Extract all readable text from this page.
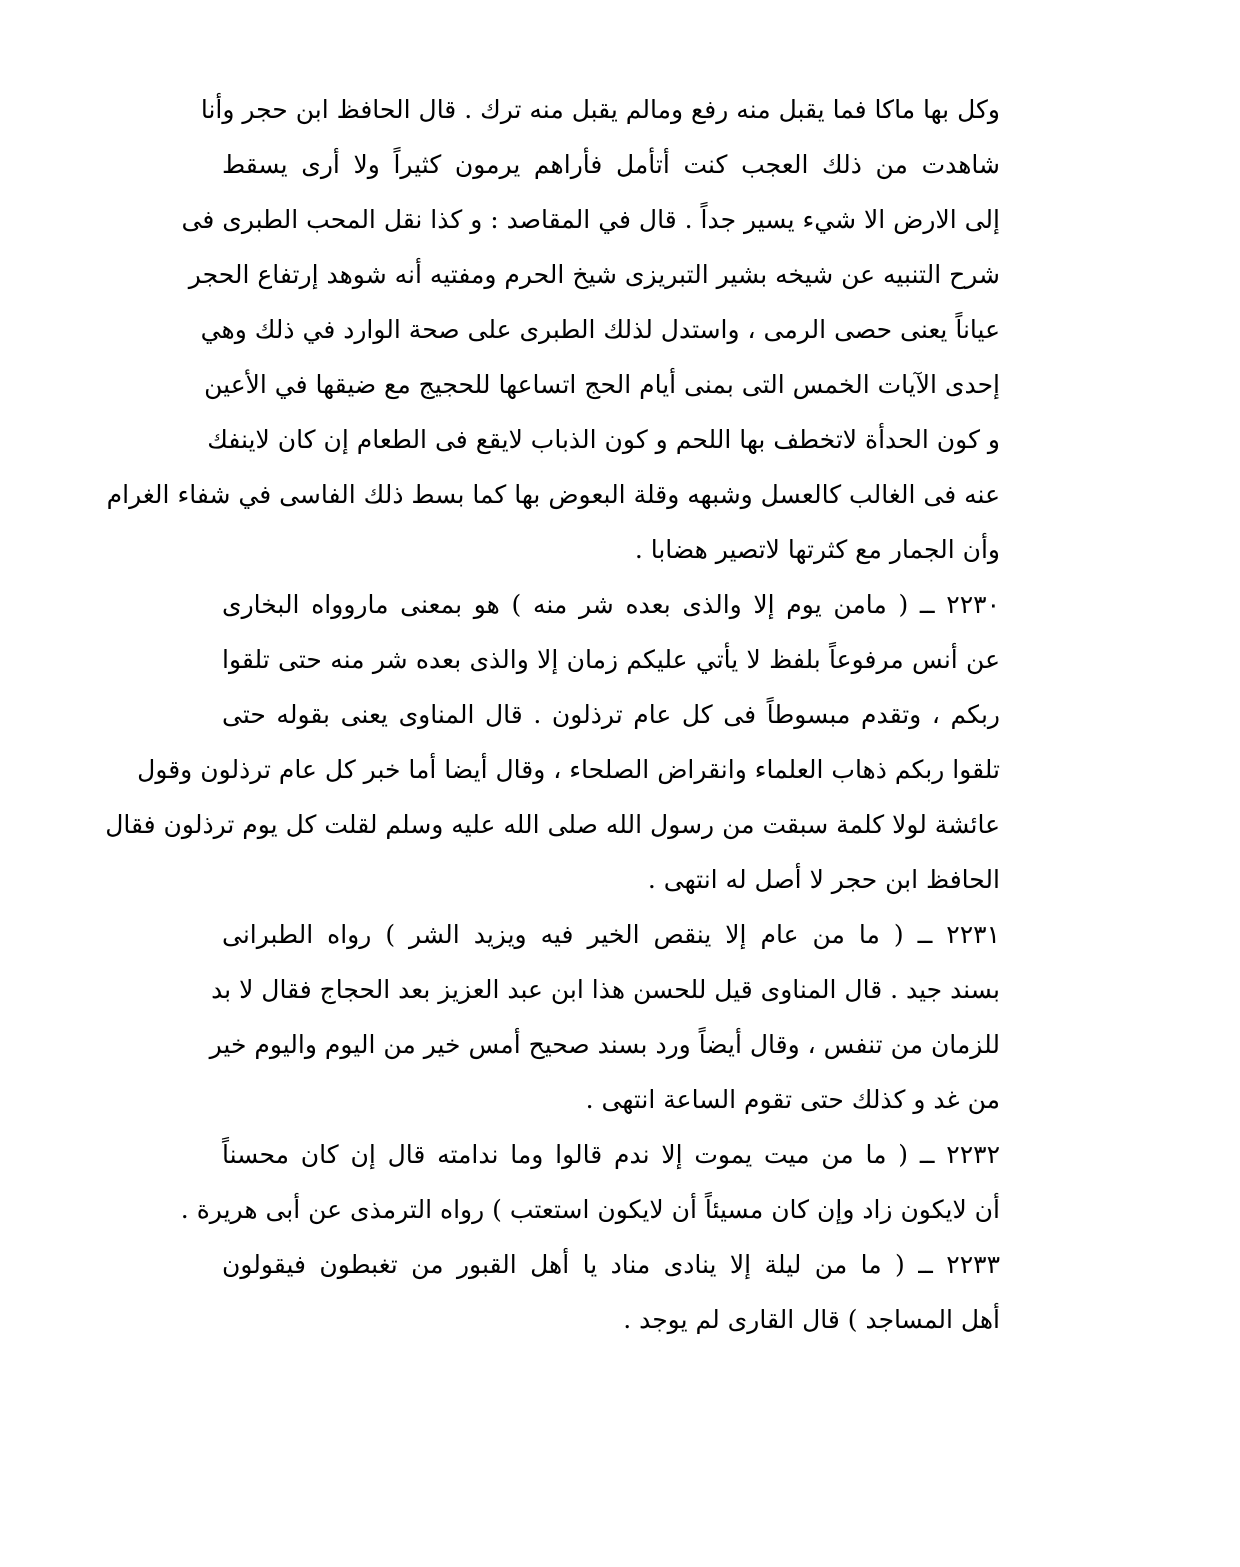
وكل بها ماكا فما يقبل منه رفع ومالم يقبل منه ترك . قال الحافظ ابن حجر وأنا
شاهدت من ذلك العجب كنت أتأمل فأراهم يرمون كثيراً ولا أرى يسقط
إلى الارض الا شيء يسير جداً . قال في المقاصد : و كذا نقل المحب الطبرى فى
شرح التنبيه عن شيخه بشير التبريزى شيخ الحرم ومفتيه أنه شوهد إرتفاع الحجر
عياناً يعنى حصى الرمى ، واستدل لذلك الطبرى على صحة الوارد في ذلك وهي
إحدى الآيات الخمس التى بمنى أيام الحج اتساعها للحجيج مع ضيقها في الأعين
و كون الحدأة لاتخطف بها اللحم و كون الذباب لايقع فى الطعام إن كان لاينفك
عنه فى الغالب كالعسل وشبهه وقلة البعوض بها كما بسط ذلك الفاسى في شفاء الغرام
وأن الجمار مع كثرتها لاتصير هضابا .
٢٢٣٠ ــ ( مامن يوم إلا والذى بعده شر منه ) هو بمعنى ماروواه البخارى
عن أنس مرفوعاً بلفظ لا يأتي عليكم زمان إلا والذى بعده شر منه حتى تلقوا
ربكم ، وتقدم مبسوطاً فى كل عام ترذلون . قال المناوى يعنى بقوله حتى
تلقوا ربكم ذهاب العلماء وانقراض الصلحاء ، وقال أيضا أما خبر كل عام ترذلون وقول
عائشة لولا كلمة سبقت من رسول الله صلى الله عليه وسلم لقلت كل يوم ترذلون فقال
الحافظ ابن حجر لا أصل له انتهى .
٢٢٣١ ــ ( ما من عام إلا ينقص الخير فيه ويزيد الشر ) رواه الطبرانى
بسند جيد . قال المناوى قيل للحسن هذا ابن عبد العزيز بعد الحجاج فقال لا بد
للزمان من تنفس ، وقال أيضاً ورد بسند صحيح أمس خير من اليوم واليوم خير
من غد و كذلك حتى تقوم الساعة انتهى .
٢٢٣٢ ــ ( ما من ميت يموت إلا ندم قالوا وما ندامته قال إن كان محسناً
أن لايكون زاد وإن كان مسيئاً أن لايكون استعتب ) رواه الترمذى عن أبى هريرة .
٢٢٣٣ ــ ( ما من ليلة إلا ينادى مناد يا أهل القبور من تغبطون فيقولون
أهل المساجد ) قال القارى لم يوجد .
